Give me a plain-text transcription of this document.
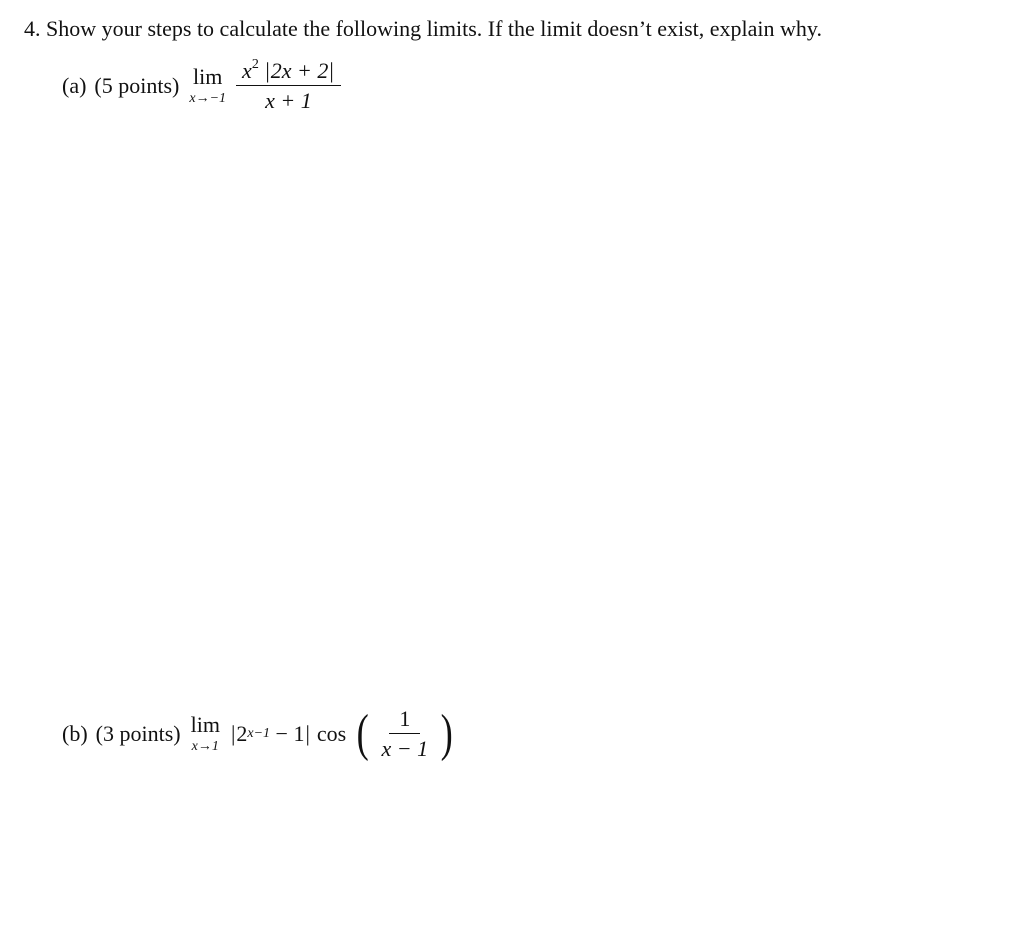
4. Show your steps to calculate the following limits. If the limit doesn’t exist, explain why.
(a) (5 points) lim
$x\to-1 \frac{x^2 |2x + 2|}{x + 1}$
(b) (3 points) lim
x→1
| 2 x−1 − 1 | cos ( $\frac{1}{x - 1}$ )
